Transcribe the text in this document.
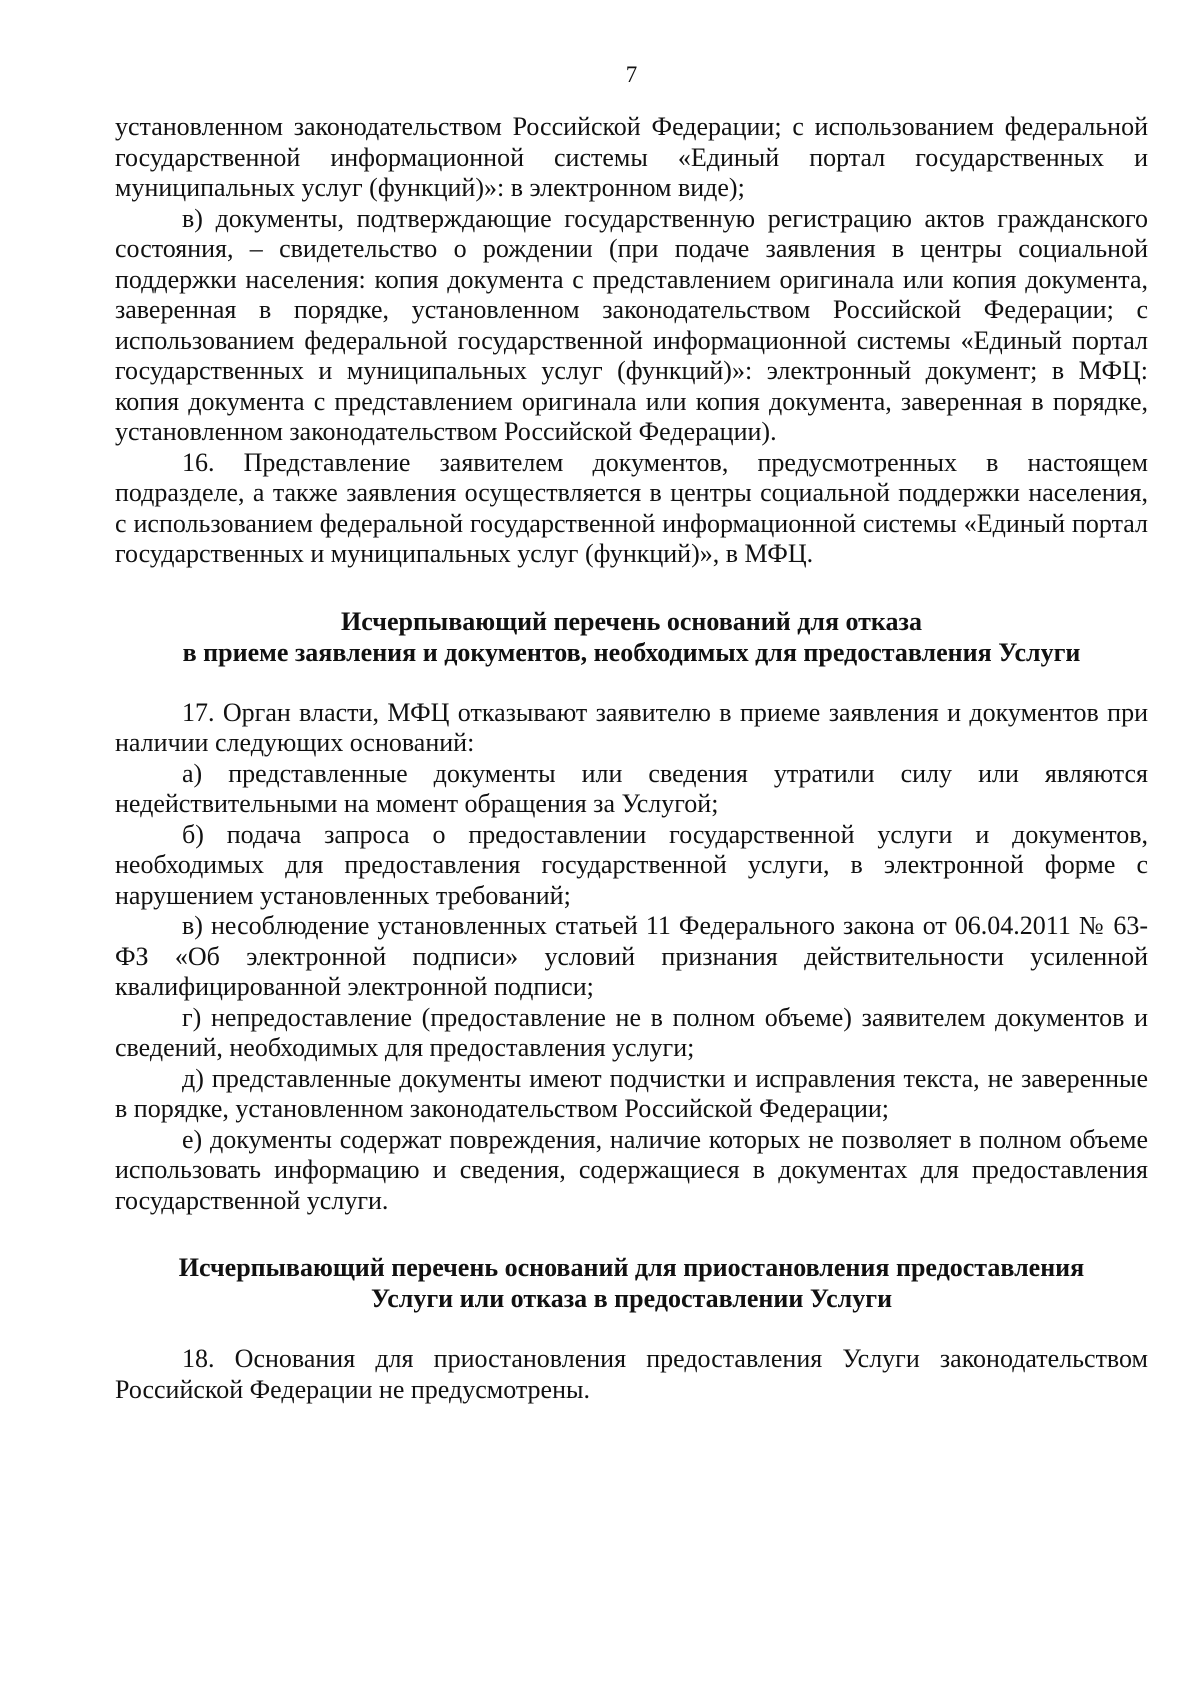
7

установленном законодательством Российской Федерации; с использованием федеральной государственной информационной системы «Единый портал государственных и муниципальных услуг (функций)»: в электронном виде);

в) документы, подтверждающие государственную регистрацию актов гражданского состояния, – свидетельство о рождении (при подаче заявления в центры социальной поддержки населения: копия документа с представлением оригинала или копия документа, заверенная в порядке, установленном законодательством Российской Федерации; с использованием федеральной государственной информационной системы «Единый портал государственных и муниципальных услуг (функций)»: электронный документ; в МФЦ: копия документа с представлением оригинала или копия документа, заверенная в порядке, установленном законодательством Российской Федерации).

16. Представление заявителем документов, предусмотренных в настоящем подразделе, а также заявления осуществляется в центры социальной поддержки населения, с использованием федеральной государственной информационной системы «Единый портал государственных и муниципальных услуг (функций)», в МФЦ.

Исчерпывающий перечень оснований для отказа
в приеме заявления и документов, необходимых для предоставления Услуги

17. Орган власти, МФЦ отказывают заявителю в приеме заявления и документов при наличии следующих оснований:

а) представленные документы или сведения утратили силу или являются недействительными на момент обращения за Услугой;

б) подача запроса о предоставлении государственной услуги и документов, необходимых для предоставления государственной услуги, в электронной форме с нарушением установленных требований;

в) несоблюдение установленных статьей 11 Федерального закона от 06.04.2011 № 63-ФЗ «Об электронной подписи» условий признания действительности усиленной квалифицированной электронной подписи;

г) непредоставление (предоставление не в полном объеме) заявителем документов и сведений, необходимых для предоставления услуги;

д) представленные документы имеют подчистки и исправления текста, не заверенные в порядке, установленном законодательством Российской Федерации;

е) документы содержат повреждения, наличие которых не позволяет в полном объеме использовать информацию и сведения, содержащиеся в документах для предоставления государственной услуги.

Исчерпывающий перечень оснований для приостановления предоставления
Услуги или отказа в предоставлении Услуги

18. Основания для приостановления предоставления Услуги законодательством Российской Федерации не предусмотрены.
